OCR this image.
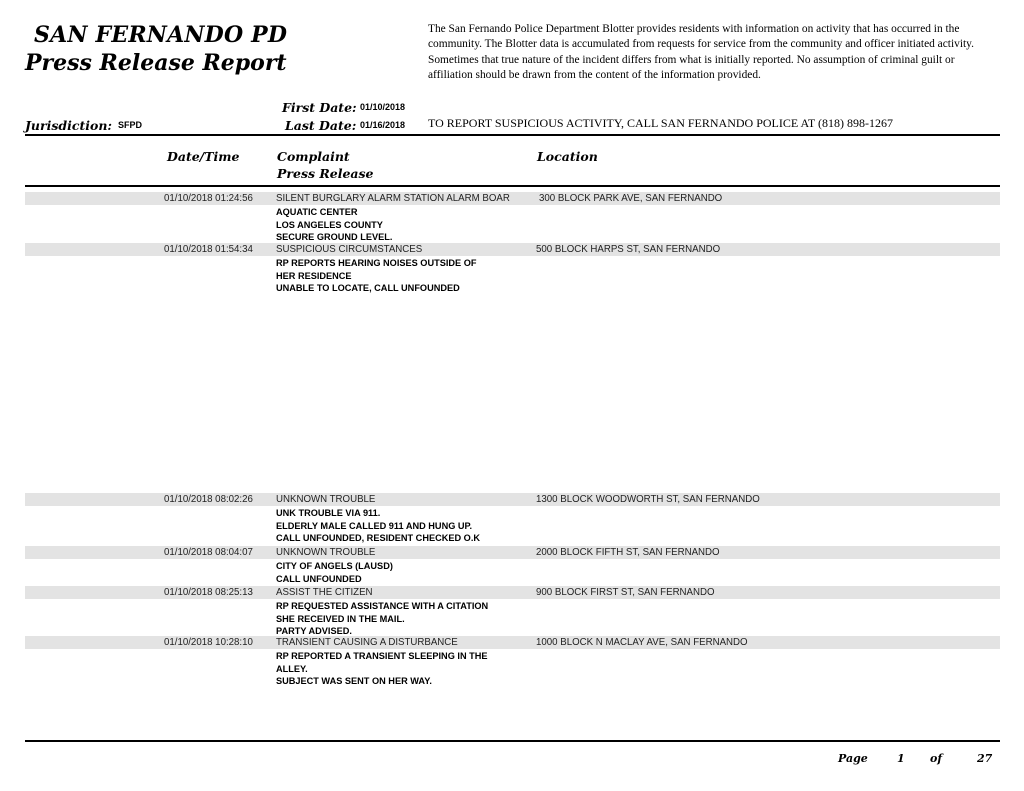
SAN FERNANDO PD
Press Release Report
The San Fernando Police Department Blotter provides residents with information on activity that has occurred in the community. The Blotter data is accumulated from requests for service from the community and officer initiated activity. Sometimes that true nature of the incident differs from what is initially reported. No assumption of criminal guilt or affiliation should be drawn from the content of the information provided.
First Date: 01/10/2018
Jurisdiction: SFPD	Last Date: 01/16/2018 TO REPORT SUSPICIOUS ACTIVITY, CALL SAN FERNANDO POLICE AT (818) 898-1267
Date/Time	Complaint
Press Release
Location
01/10/2018 01:24:56 SILENT BURGLARY ALARM STATION ALARM BOAR	300 BLOCK PARK AVE, SAN FERNANDO
AQUATIC CENTER
LOS ANGELES COUNTY
SECURE GROUND LEVEL.
01/10/2018 01:54:34 SUSPICIOUS CIRCUMSTANCES	500 BLOCK HARPS ST, SAN FERNANDO
RP REPORTS HEARING NOISES OUTSIDE OF
HER RESIDENCE
UNABLE TO LOCATE, CALL UNFOUNDED
01/10/2018 08:02:26 UNKNOWN TROUBLE	1300 BLOCK WOODWORTH ST, SAN FERNANDO
UNK TROUBLE VIA 911.
ELDERLY MALE CALLED 911 AND HUNG UP.
CALL UNFOUNDED, RESIDENT CHECKED O.K
01/10/2018 08:04:07 UNKNOWN TROUBLE	2000 BLOCK FIFTH ST, SAN FERNANDO
CITY OF ANGELS (LAUSD)
CALL UNFOUNDED
01/10/2018 08:25:13 ASSIST THE CITIZEN	900 BLOCK FIRST ST, SAN FERNANDO
RP REQUESTED ASSISTANCE WITH A CITATION
SHE RECEIVED IN THE MAIL.
PARTY ADVISED.
01/10/2018 10:28:10 TRANSIENT CAUSING A DISTURBANCE	1000 BLOCK N MACLAY AVE, SAN FERNANDO
RP REPORTED A TRANSIENT SLEEPING IN THE
ALLEY.
SUBJECT WAS SENT ON HER WAY.
Page	1 of	27
